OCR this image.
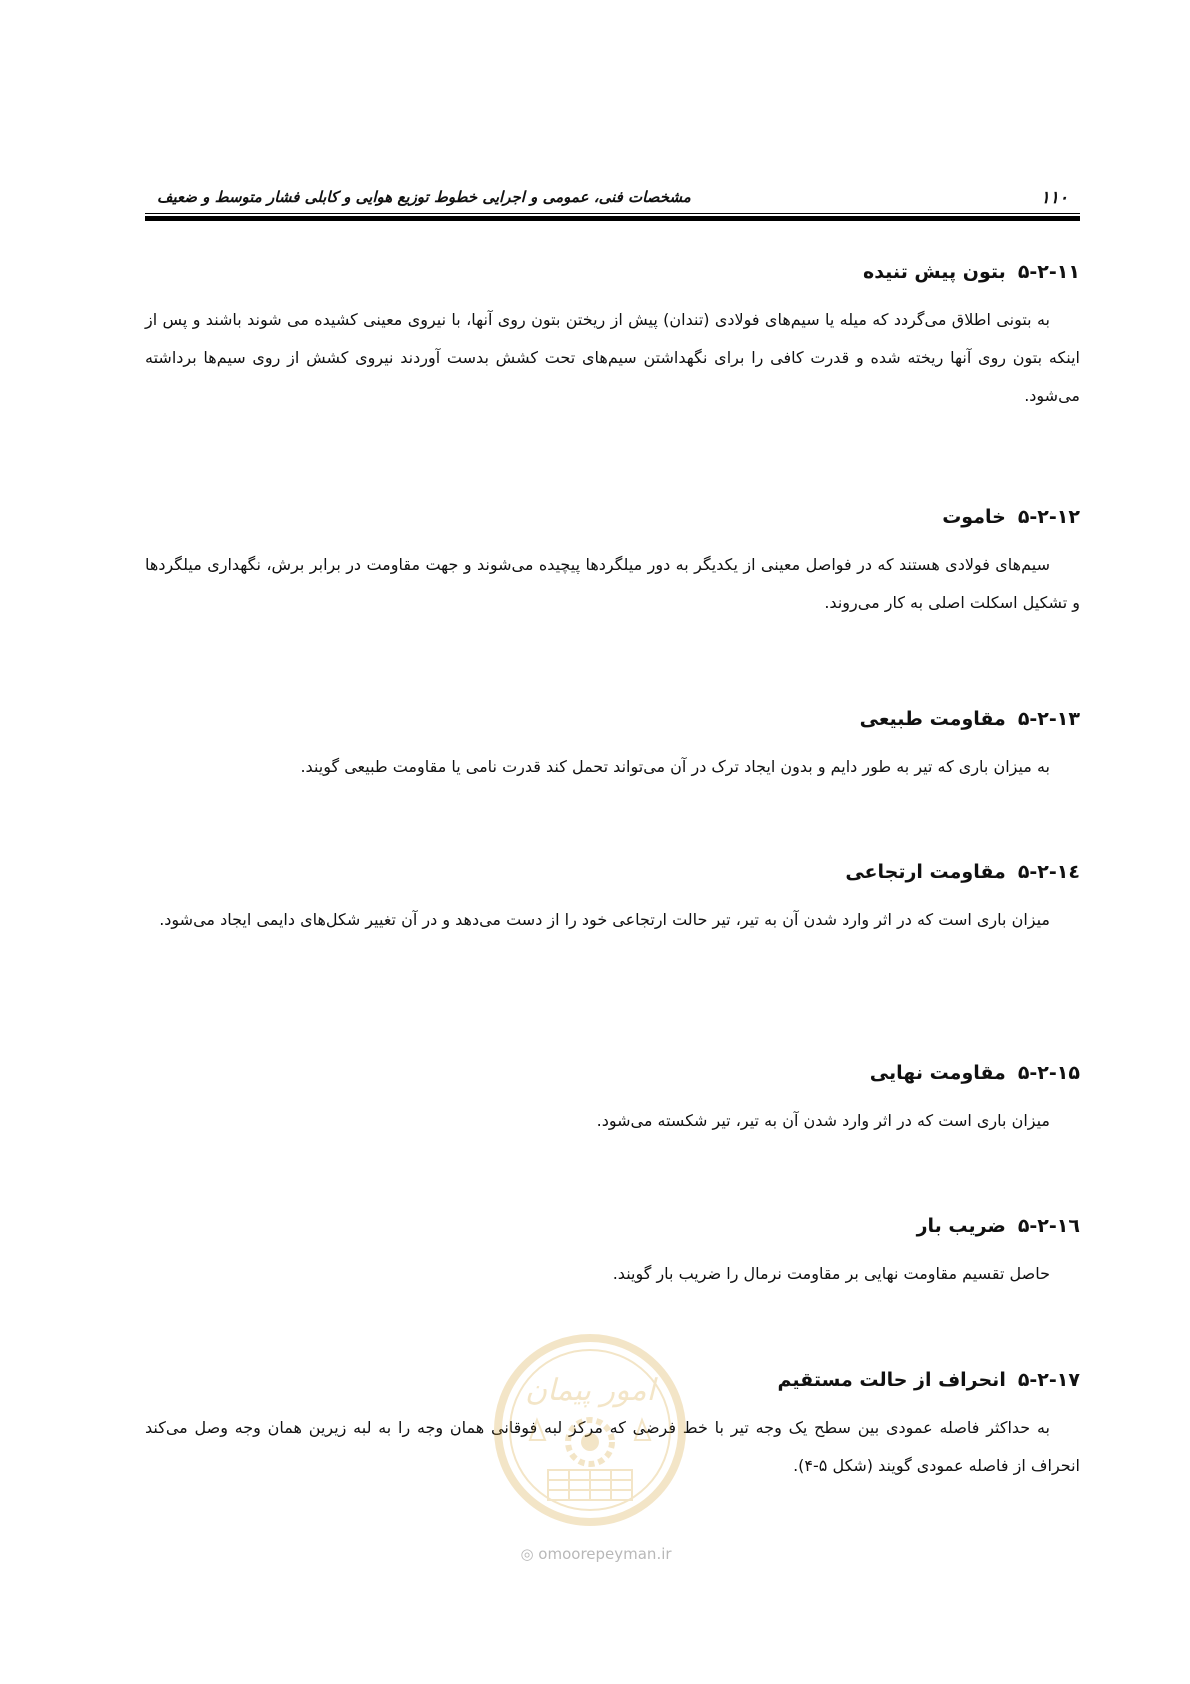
۱۱۰
مشخصات فنی، عمومی و اجرایی خطوط توزیع هوایی و کابلی فشار متوسط و ضعیف
۵-۲-۱۱بتون پیش تنیده

به بتونی اطلاق می‌گردد که میله یا سیم‌های فولادی (تندان) پیش از ریختن بتون روی آنها، با نیروی معینی کشیده می شوند باشند و پس از اینکه بتون روی آنها ریخته شده و قدرت کافی را برای نگهداشتن سیم‌های تحت کشش بدست آوردند نیروی کشش از روی سیم‌ها برداشته می‌شود.

۵-۲-۱۲خاموت

سیم‌های فولادی هستند که در فواصل معینی از یکدیگر به دور میلگردها پیچیده می‌شوند و جهت مقاومت در برابر برش، نگهداری میلگردها و تشکیل اسکلت اصلی به کار می‌روند.

۵-۲-۱۳مقاومت طبیعی

به میزان باری که تیر به طور دایم و بدون ایجاد ترک در آن می‌تواند تحمل کند قدرت نامی یا مقاومت طبیعی گویند.

۵-۲-۱٤مقاومت ارتجاعی

میزان باری است که در اثر وارد شدن آن به تیر، تیر حالت ارتجاعی خود را از دست می‌دهد و در آن تغییر شکل‌های دایمی ایجاد می‌شود.

۵-۲-۱۵مقاومت نهایی

میزان باری است که در اثر وارد شدن آن به تیر، تیر شکسته می‌شود.

۵-۲-۱٦ضریب بار

حاصل تقسیم مقاومت نهایی بر مقاومت نرمال را ضریب بار گویند.

۵-۲-۱۷انحراف از حالت مستقیم

به حداکثر فاصله عمودی بین سطح یک وجه تیر با خط فرضی که مرکز لبه فوقانی همان وجه را به لبه زیرین همان وجه وصل می‌کند انحراف از فاصله عمودی گویند (شکل ۵-۴).

امور پیمان
◎ omoorepeyman.ir
